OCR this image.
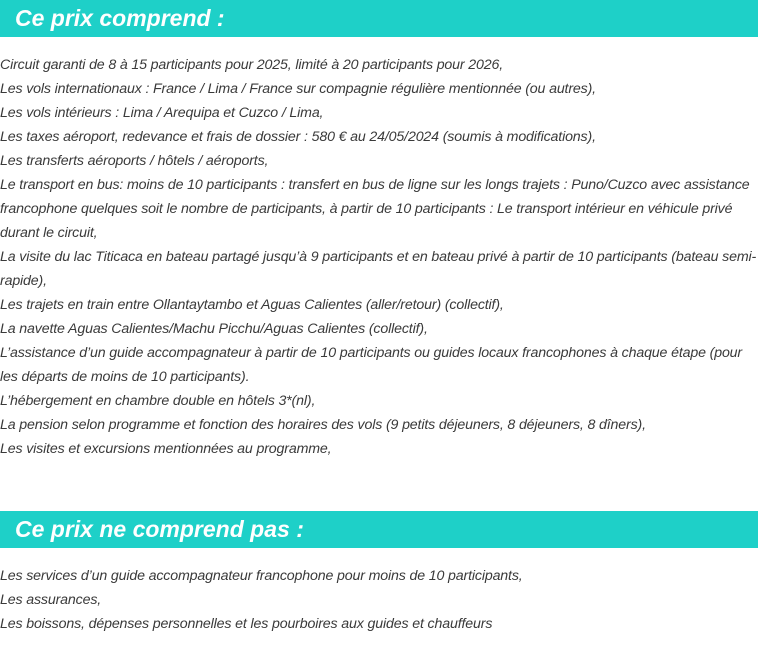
Ce prix comprend :
Circuit garanti de 8 à 15 participants pour 2025, limité à 20 participants pour 2026,
Les vols internationaux : France / Lima / France sur compagnie régulière mentionnée (ou autres),
Les vols intérieurs : Lima / Arequipa et Cuzco / Lima,
Les taxes aéroport, redevance et frais de dossier : 580 € au 24/05/2024 (soumis à modifications),
Les transferts aéroports / hôtels / aéroports,
Le transport en bus: moins de 10 participants : transfert en bus de ligne sur les longs trajets : Puno/Cuzco avec assistance francophone quelques soit le nombre de participants, à partir de 10 participants : Le transport intérieur en véhicule privé durant le circuit,
La visite du lac Titicaca en bateau partagé jusqu’à 9 participants et en bateau privé à partir de 10 participants (bateau semi-rapide),
Les trajets en train entre Ollantaytambo et Aguas Calientes (aller/retour) (collectif),
La navette Aguas Calientes/Machu Picchu/Aguas Calientes (collectif),
L’assistance d’un guide accompagnateur à partir de 10 participants ou guides locaux francophones à chaque étape (pour les départs de moins de 10 participants).
L’hébergement en chambre double en hôtels 3*(nl),
La pension selon programme et fonction des horaires des vols (9 petits déjeuners, 8 déjeuners, 8 dîners),
Les visites et excursions mentionnées au programme,
Ce prix ne comprend pas :
Les services d’un guide accompagnateur francophone pour moins de 10 participants,
Les assurances,
Les boissons, dépenses personnelles et les pourboires aux guides et chauffeurs
